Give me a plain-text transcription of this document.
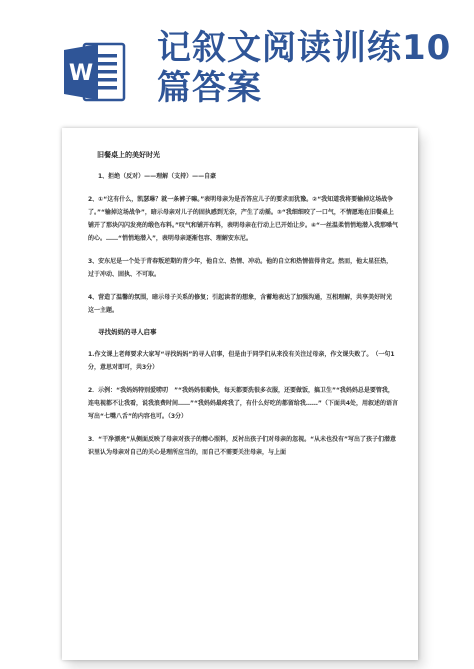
W
记叙文阅读训练10篇答案
旧餐桌上的美好时光
1、拒绝（反对）——理解（支持）——自豪
2、①“这有什么，凯瑟琳？就一条裤子嘛。”表明母亲为是否答应儿子的要求而犹豫。②“我知道我将要输掉这场战争了。”“输掉这场战争”，暗示母亲对儿子的固执感到无奈，产生了动摇。③“我细细咬了一口气，不情愿地在旧餐桌上铺开了那块闪闪发亮的缎色布料。”叹气和铺开布料，表明母亲在行动上已开始让步。④“一丝温柔悄悄地潜入我那嗓气的心。……“悄悄地潜入”，表明母亲逐渐包容、理解安东尼。
3、安东尼是一个处于青春叛逆期的青少年，他自立、热情、冲动。他的自立和热情值得肯定。然而，他太星狂热，过于冲动、固执、不可取。
4、营造了温馨的氛围，暗示母子关系的修复；引起读者的想象，含蓄地表达了加强沟通，互相理解，共享美好时光这一主题。
寻找妈妈的寻人启事
1.作文课上老师要求大家写“寻找妈妈”的寻人启事，但是由于同学们从来没有关注过母亲，作文课失败了。　（一句1分，意思对即可，共3分）
2．示例：“我妈妈特别爱唠叨　”“我妈妈很勤快，每天都要洗很多衣服，还要做饭，搞卫生”“我妈妈总是要管我，连电视都不让我看，说我浪费时间……”“我妈妈最疼我了，有什么好吃的都留给我……”（下面共4处，用叙述的语言写出“七嘴八舌”的内容也可。（3分）
3．“干净漂亮”从侧面反映了母亲对孩子的精心照料，反衬出孩子们对母亲的忽视。“从未也没有”写出了孩子们潜意识里认为母亲对自己的关心是理所应当的，而自己不需要关注母亲，与上面
